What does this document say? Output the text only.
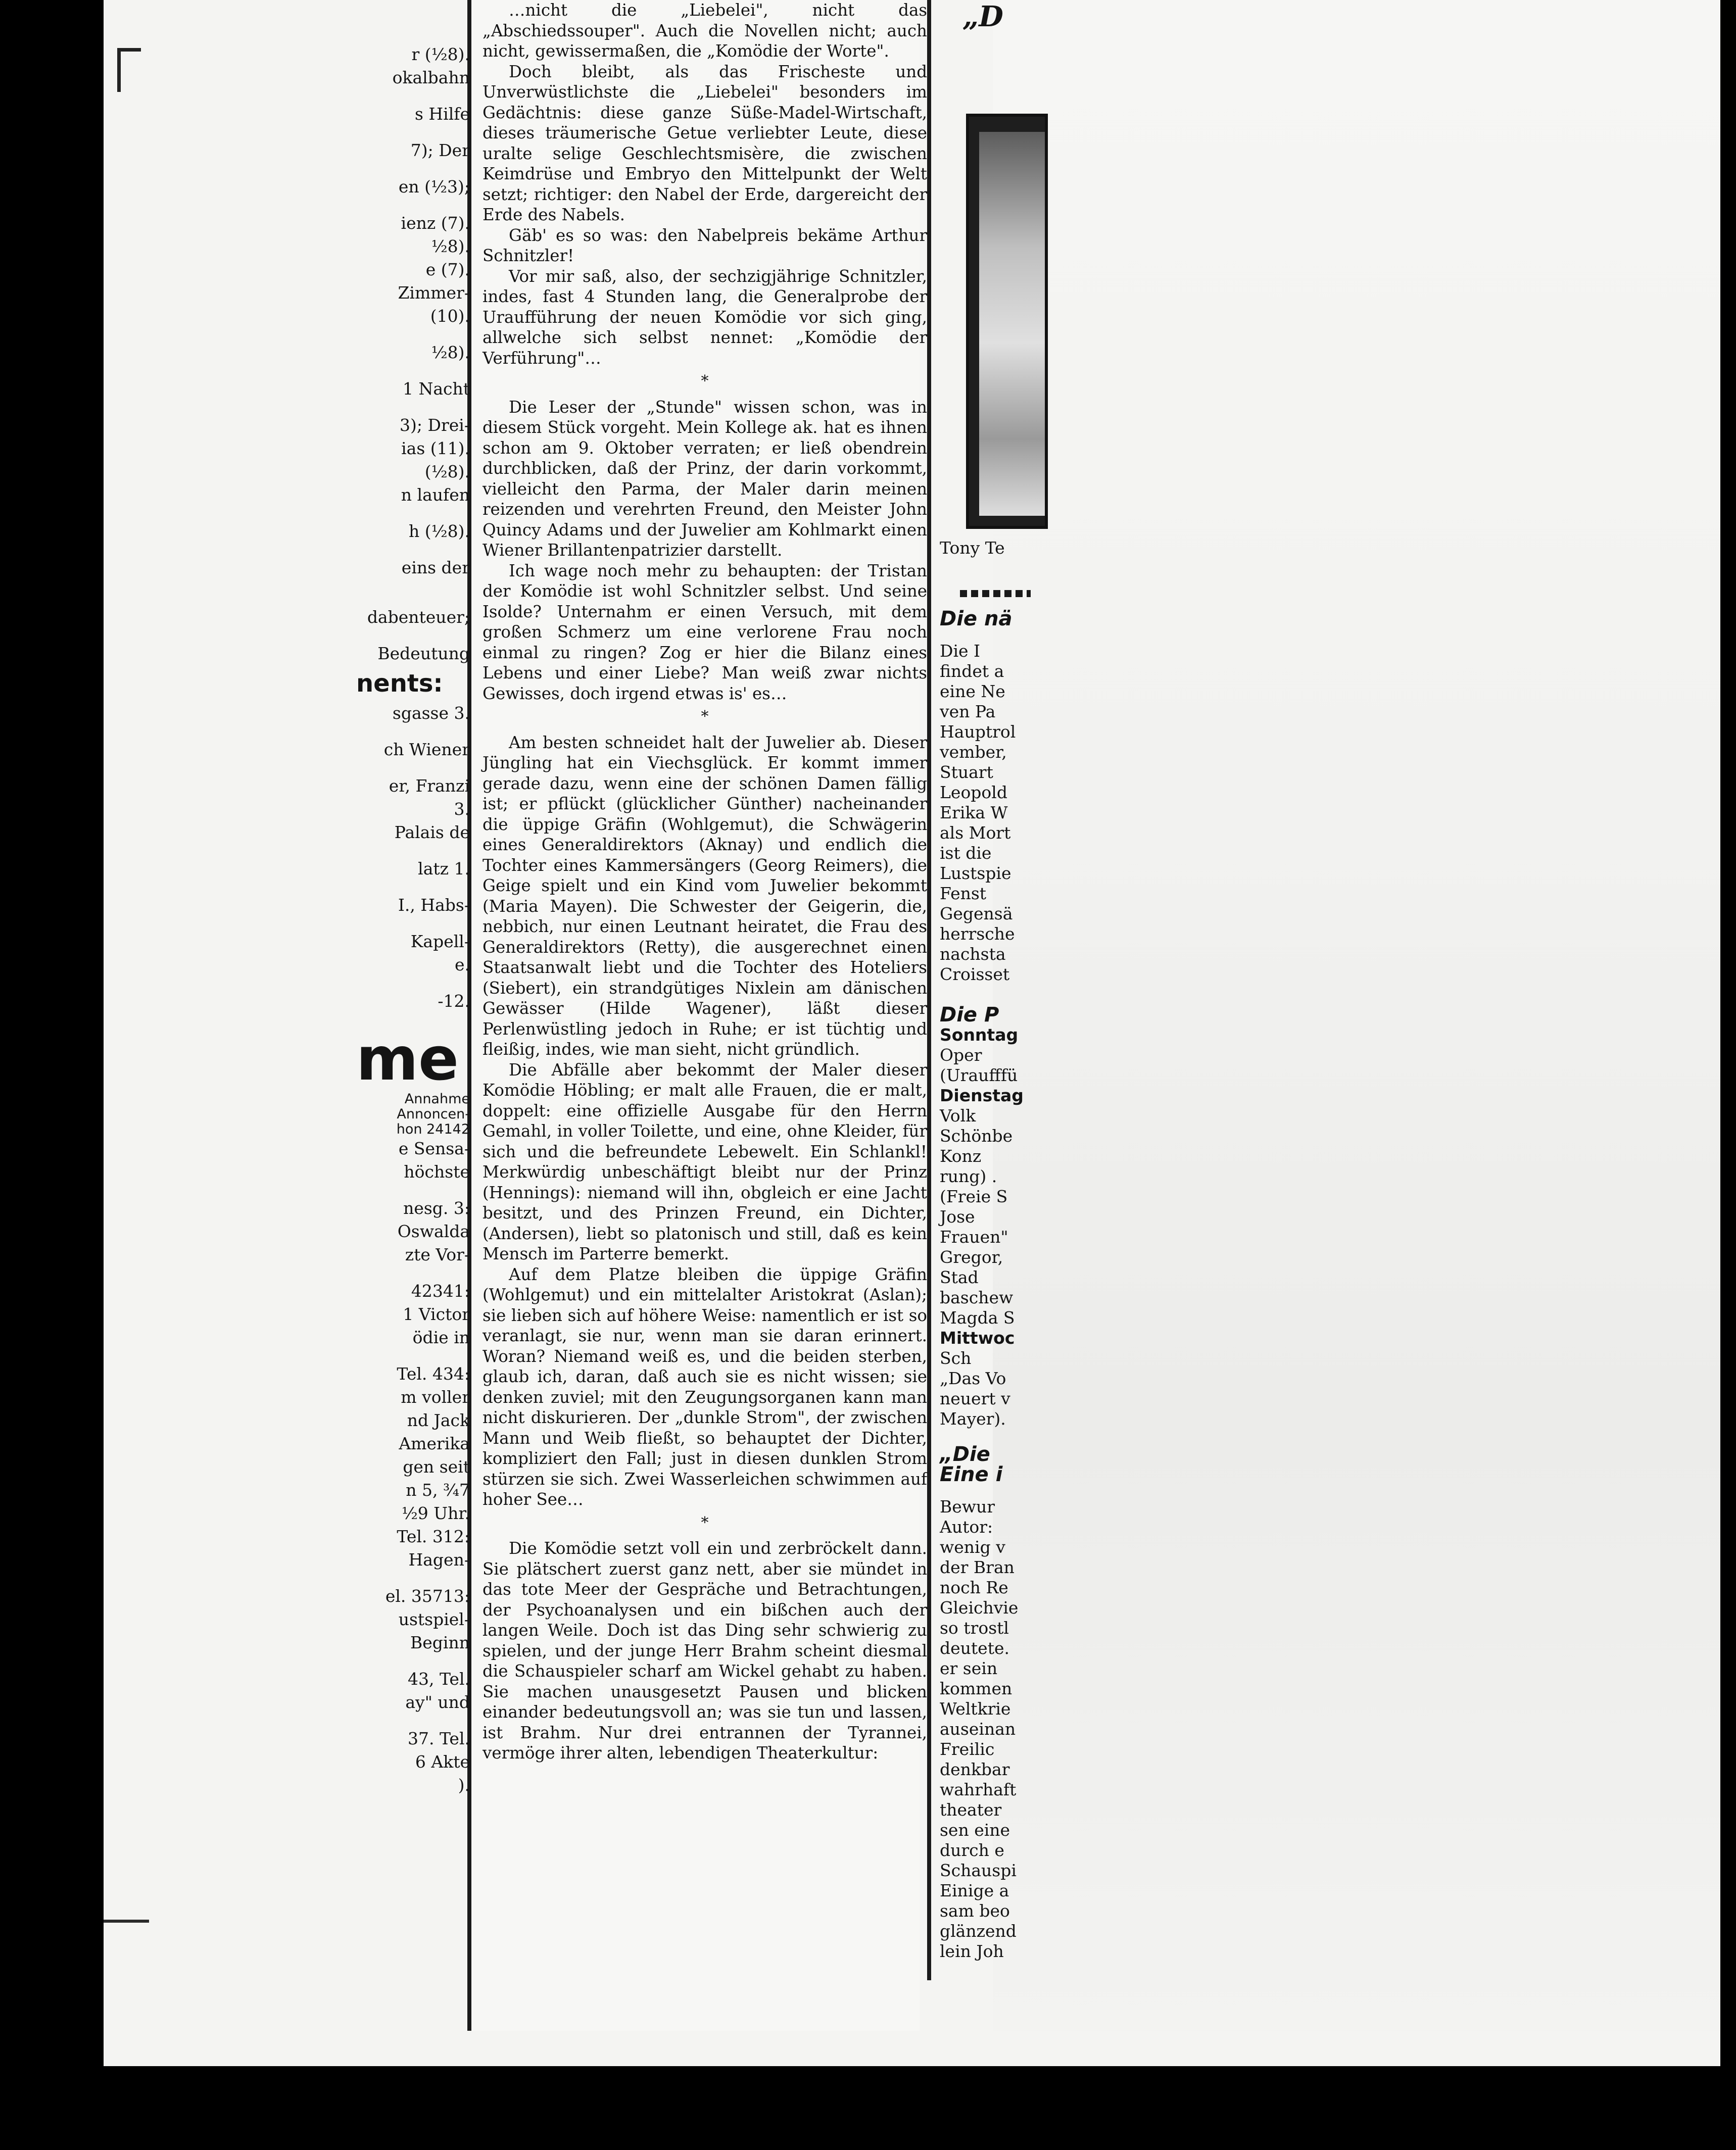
r (½8).
okalbahn
s Hilfe
7); Der
en (½3);
ienz (7).
½8).
e (7).
Zimmer-
(10).
½8).
1 Nacht
3); Drei-
ias (11).
(½8).
n laufen
h (½8).
eins der
dabenteuer;
Bedeutung
nents:
sgasse 3.
ch Wiener
er, Franzi
3.
Palais de
latz 1.
I., Habs-
Kapell-
e.
-12.
me
Annahme
Annoncen-
hon 24142
e Sensa-
höchste
nesg. 3:
Oswalda
zte Vor-
42341:
1 Victor
ödie in
Tel. 434:
m voller
nd Jack
Amerika
gen seit
n 5, ¾7
½9 Uhr.
Tel. 312:
Hagen-
el. 35713:
ustspiel-
Beginn
43, Tel.
ay" und
37. Tel.
6 Akte
).

…nicht die „Liebelei", nicht das „Abschiedssouper". Auch die Novellen nicht; auch nicht, gewissermaßen, die „Komödie der Worte".

Doch bleibt, als das Frischeste und Unverwüstlichste die „Liebelei" besonders im Gedächtnis: diese ganze Süße-Madel-Wirtschaft, dieses träumerische Getue verliebter Leute, diese uralte selige Geschlechtsmisère, die zwischen Keimdrüse und Embryo den Mittelpunkt der Welt setzt; richtiger: den Nabel der Erde, dargereicht der Erde des Nabels.

Gäb' es so was: den Nabelpreis bekäme Arthur Schnitzler!

Vor mir saß, also, der sechzigjährige Schnitzler, indes, fast 4 Stunden lang, die Generalprobe der Uraufführung der neuen Komödie vor sich ging, allwelche sich selbst nennet: „Komödie der Verführung"…

*

Die Leser der „Stunde" wissen schon, was in diesem Stück vorgeht. Mein Kollege ak. hat es ihnen schon am 9. Oktober verraten; er ließ obendrein durchblicken, daß der Prinz, der darin vorkommt, vielleicht den Parma, der Maler darin meinen reizenden und verehrten Freund, den Meister John Quincy Adams und der Juwelier am Kohlmarkt einen Wiener Brillantenpatrizier darstellt.

Ich wage noch mehr zu behaupten: der Tristan der Komödie ist wohl Schnitzler selbst. Und seine Isolde? Unternahm er einen Versuch, mit dem großen Schmerz um eine verlorene Frau noch einmal zu ringen? Zog er hier die Bilanz eines Lebens und einer Liebe? Man weiß zwar nichts Gewisses, doch irgend etwas is' es…

*

Am besten schneidet halt der Juwelier ab. Dieser Jüngling hat ein Viechsglück. Er kommt immer gerade dazu, wenn eine der schönen Damen fällig ist; er pflückt (glücklicher Günther) nacheinander die üppige Gräfin (Wohlgemut), die Schwägerin eines Generaldirektors (Aknay) und endlich die Tochter eines Kammersängers (Georg Reimers), die Geige spielt und ein Kind vom Juwelier bekommt (Maria Mayen). Die Schwester der Geigerin, die, nebbich, nur einen Leutnant heiratet, die Frau des Generaldirektors (Retty), die ausgerechnet einen Staatsanwalt liebt und die Tochter des Hoteliers (Siebert), ein strandgütiges Nixlein am dänischen Gewässer (Hilde Wagener), läßt dieser Perlenwüstling jedoch in Ruhe; er ist tüchtig und fleißig, indes, wie man sieht, nicht gründlich.

Die Abfälle aber bekommt der Maler dieser Komödie Höbling; er malt alle Frauen, die er malt, doppelt: eine offizielle Ausgabe für den Herrn Gemahl, in voller Toilette, und eine, ohne Kleider, für sich und die befreundete Lebewelt. Ein Schlankl! Merkwürdig unbeschäftigt bleibt nur der Prinz (Hennings): niemand will ihn, obgleich er eine Jacht besitzt, und des Prinzen Freund, ein Dichter, (Andersen), liebt so platonisch und still, daß es kein Mensch im Parterre bemerkt.

Auf dem Platze bleiben die üppige Gräfin (Wohlgemut) und ein mittelalter Aristokrat (Aslan); sie lieben sich auf höhere Weise: namentlich er ist so veranlagt, sie nur, wenn man sie daran erinnert. Woran? Niemand weiß es, und die beiden sterben, glaub ich, daran, daß auch sie es nicht wissen; sie denken zuviel; mit den Zeugungsorganen kann man nicht diskurieren. Der „dunkle Strom", der zwischen Mann und Weib fließt, so behauptet der Dichter, kompliziert den Fall; just in diesen dunklen Strom stürzen sie sich. Zwei Wasserleichen schwimmen auf hoher See…

*

Die Komödie setzt voll ein und zerbröckelt dann. Sie plätschert zuerst ganz nett, aber sie mündet in das tote Meer der Gespräche und Betrachtungen, der Psychoanalysen und ein bißchen auch der langen Weile. Doch ist das Ding sehr schwierig zu spielen, und der junge Herr Brahm scheint diesmal die Schauspieler scharf am Wickel gehabt zu haben. Sie machen unausgesetzt Pausen und blicken einander bedeutungsvoll an; was sie tun und lassen, ist Brahm. Nur drei entrannen der Tyrannei, vermöge ihrer alten, lebendigen Theaterkultur:

„D
Tony Te
Die nä
Die I
findet a
eine Ne
ven Pa
Hauptrol
vember,
Stuart
Leopold
Erika W
als Mort
ist die
Lustspie
Fenst
Gegensä
herrsche
nachsta
Croisset
Die P
Sonntag
Oper
(Uraufffü
Dienstag
Volk
Schönbe
Konz
rung) .
(Freie S
Jose
Frauen"
Gregor,
Stad
baschew
Magda S
Mittwoc
Sch
„Das Vo
neuert v
Mayer).
„Die
Eine i
Bewur
Autor:
wenig v
der Bran
noch Re
Gleichvie
so trostl
deutete.
er sein
kommen
Weltkrie
auseinan
Freilic
denkbar
wahrhaft
theater
sen eine
durch e
Schauspi
Einige a
sam beo
glänzend
lein Joh
